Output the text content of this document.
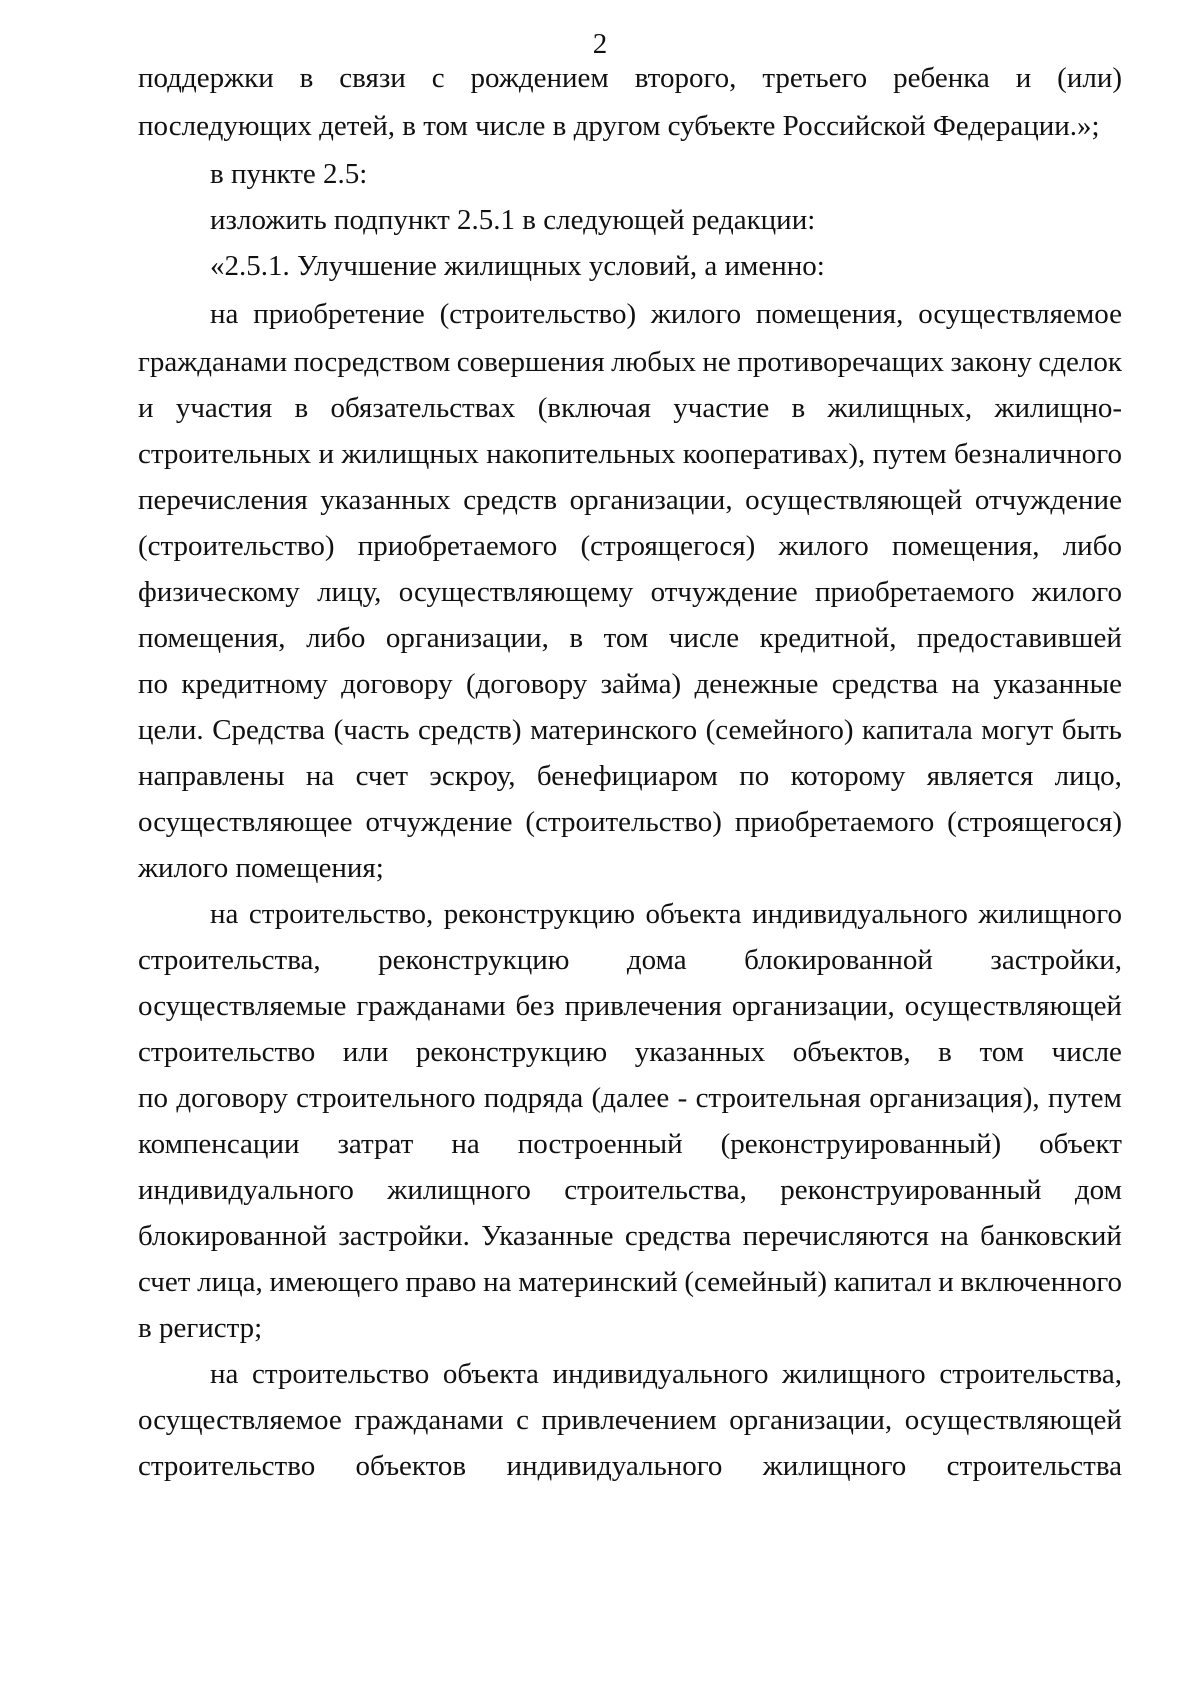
2
поддержки в связи с рождением второго, третьего ребенка и (или)
последующих детей, в том числе в другом субъекте Российской Федерации.»;
в пункте 2.5:
изложить подпункт 2.5.1 в следующей редакции:
«2.5.1. Улучшение жилищных условий, а именно:
на приобретение (строительство) жилого помещения, осуществляемое
гражданами посредством совершения любых не противоречащих закону сделок
и участия в обязательствах (включая участие в жилищных, жилищно-
строительных и жилищных накопительных кооперативах), путем безналичного
перечисления указанных средств организации, осуществляющей отчуждение
(строительство) приобретаемого (строящегося) жилого помещения, либо
физическому лицу, осуществляющему отчуждение приобретаемого жилого
помещения, либо организации, в том числе кредитной, предоставившей
по кредитному договору (договору займа) денежные средства на указанные
цели. Средства (часть средств) материнского (семейного) капитала могут быть
направлены на счет эскроу, бенефициаром по которому является лицо,
осуществляющее отчуждение (строительство) приобретаемого (строящегося)
жилого помещения;
на строительство, реконструкцию объекта индивидуального жилищного
строительства, реконструкцию дома блокированной застройки,
осуществляемые гражданами без привлечения организации, осуществляющей
строительство или реконструкцию указанных объектов, в том числе
по договору строительного подряда (далее - строительная организация), путем
компенсации затрат на построенный (реконструированный) объект
индивидуального жилищного строительства, реконструированный дом
блокированной застройки. Указанные средства перечисляются на банковский
счет лица, имеющего право на материнский (семейный) капитал и включенного
в регистр;
на строительство объекта индивидуального жилищного строительства,
осуществляемое гражданами с привлечением организации, осуществляющей
строительство объектов индивидуального жилищного строительства
